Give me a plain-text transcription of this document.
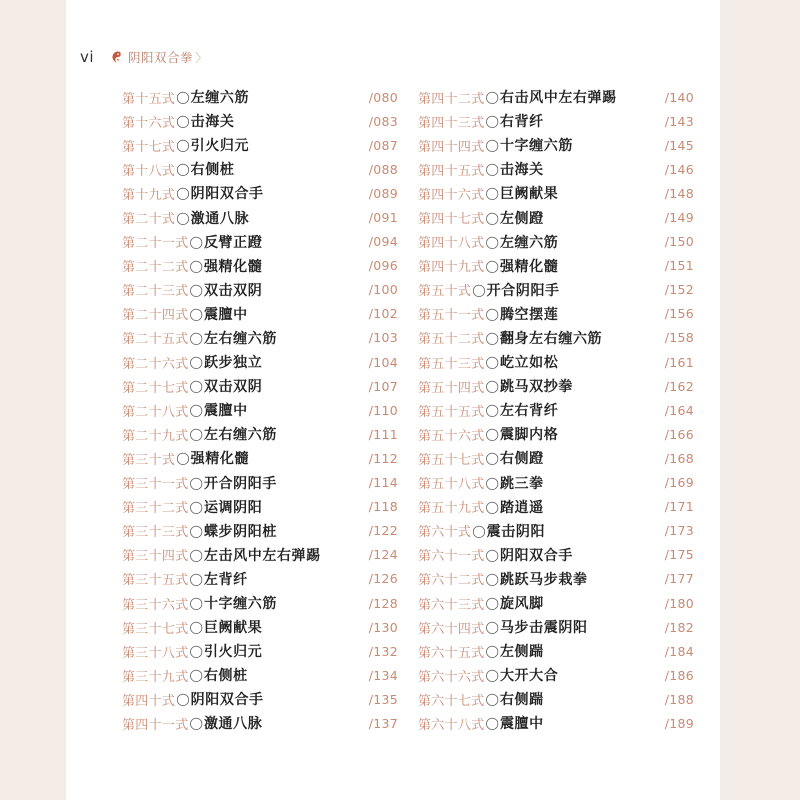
vi	阴阳双合拳 〉
第十五式 ◯ 左缠六筋	/080
第十六式 ◯ 击海关	/083
第十七式 ◯ 引火归元	/087
第十八式 ◯ 右侧桩	/088
第十九式 ◯ 阴阳双合手	/089
第二十式 ◯ 激通八脉	/091
第二十一式 ◯ 反臂正蹬	/094
第二十二式 ◯ 强精化髓	/096
第二十三式 ◯ 双击双阴	/100
第二十四式 ◯ 震膻中	/102
第二十五式 ◯ 左右缠六筋	/103
第二十六式 ◯ 跃步独立	/104
第二十七式 ◯ 双击双阴	/107
第二十八式 ◯ 震膻中	/110
第二十九式 ◯ 左右缠六筋	/111
第三十式 ◯ 强精化髓	/112
第三十一式 ◯ 开合阴阳手	/114
第三十二式 ◯ 运调阴阳	/118
第三十三式 ◯ 蝶步阴阳桩	/122
第三十四式 ◯ 左击风中左右弹踢	/124
第三十五式 ◯ 左背纤	/126
第三十六式 ◯ 十字缠六筋	/128
第三十七式 ◯ 巨阙献果	/130
第三十八式 ◯ 引火归元	/132
第三十九式 ◯ 右侧桩	/134
第四十式 ◯ 阴阳双合手	/135
第四十一式 ◯ 激通八脉	/137
第四十二式 ◯ 右击风中左右弹踢	/140
第四十三式 ◯ 右背纤	/143
第四十四式 ◯ 十字缠六筋	/145
第四十五式 ◯ 击海关	/146
第四十六式 ◯ 巨阙献果	/148
第四十七式 ◯ 左侧蹬	/149
第四十八式 ◯ 左缠六筋	/150
第四十九式 ◯ 强精化髓	/151
第五十式 ◯ 开合阴阳手	/152
第五十一式 ◯ 腾空摆莲	/156
第五十二式 ◯ 翻身左右缠六筋	/158
第五十三式 ◯ 屹立如松	/161
第五十四式 ◯ 跳马双抄拳	/162
第五十五式 ◯ 左右背纤	/164
第五十六式 ◯ 震脚内格	/166
第五十七式 ◯ 右侧蹬	/168
第五十八式 ◯ 跳三拳	/169
第五十九式 ◯ 踏逍遥	/171
第六十式 ◯ 震击阴阳	/173
第六十一式 ◯ 阴阳双合手	/175
第六十二式 ◯ 跳跃马步栽拳	/177
第六十三式 ◯ 旋风脚	/180
第六十四式 ◯ 马步击震阴阳	/182
第六十五式 ◯ 左侧踹	/184
第六十六式 ◯ 大开大合	/186
第六十七式 ◯ 右侧踹	/188
第六十八式 ◯ 震膻中	/189
